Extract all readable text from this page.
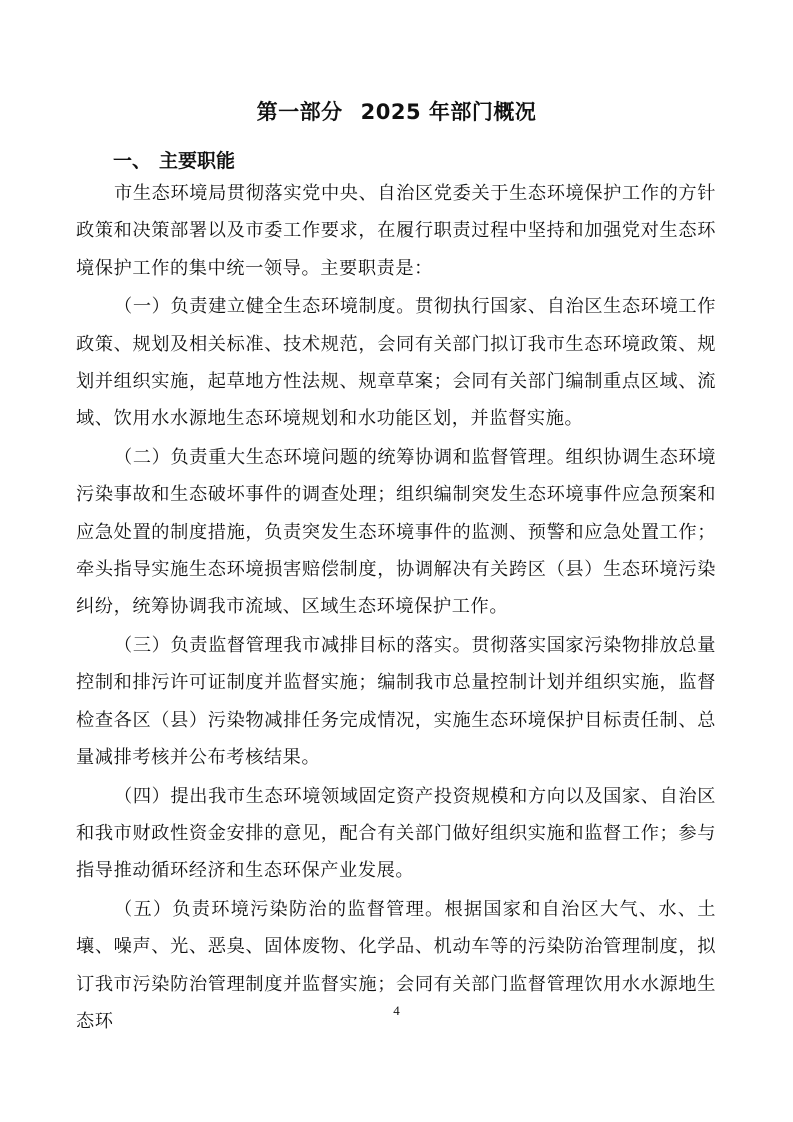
第一部分 2025 年部门概况
一、 主要职能

市生态环境局贯彻落实党中央、自治区党委关于生态环境保护工作的方针政策和决策部署以及市委工作要求，在履行职责过程中坚持和加强党对生态环境保护工作的集中统一领导。主要职责是：

（一）负责建立健全生态环境制度。贯彻执行国家、自治区生态环境工作政策、规划及相关标准、技术规范，会同有关部门拟订我市生态环境政策、规划并组织实施，起草地方性法规、规章草案；会同有关部门编制重点区域、流域、饮用水水源地生态环境规划和水功能区划，并监督实施。

（二）负责重大生态环境问题的统筹协调和监督管理。组织协调生态环境污染事故和生态破坏事件的调查处理；组织编制突发生态环境事件应急预案和应急处置的制度措施，负责突发生态环境事件的监测、预警和应急处置工作；牵头指导实施生态环境损害赔偿制度，协调解决有关跨区（县）生态环境污染纠纷，统筹协调我市流域、区域生态环境保护工作。

（三）负责监督管理我市减排目标的落实。贯彻落实国家污染物排放总量控制和排污许可证制度并监督实施；编制我市总量控制计划并组织实施，监督检查各区（县）污染物减排任务完成情况，实施生态环境保护目标责任制、总量减排考核并公布考核结果。

（四）提出我市生态环境领域固定资产投资规模和方向以及国家、自治区和我市财政性资金安排的意见，配合有关部门做好组织实施和监督工作；参与指导推动循环经济和生态环保产业发展。

（五）负责环境污染防治的监督管理。根据国家和自治区大气、水、土壤、噪声、光、恶臭、固体废物、化学品、机动车等的污染防治管理制度，拟订我市污染防治管理制度并监督实施；会同有关部门监督管理饮用水水源地生态环

4
